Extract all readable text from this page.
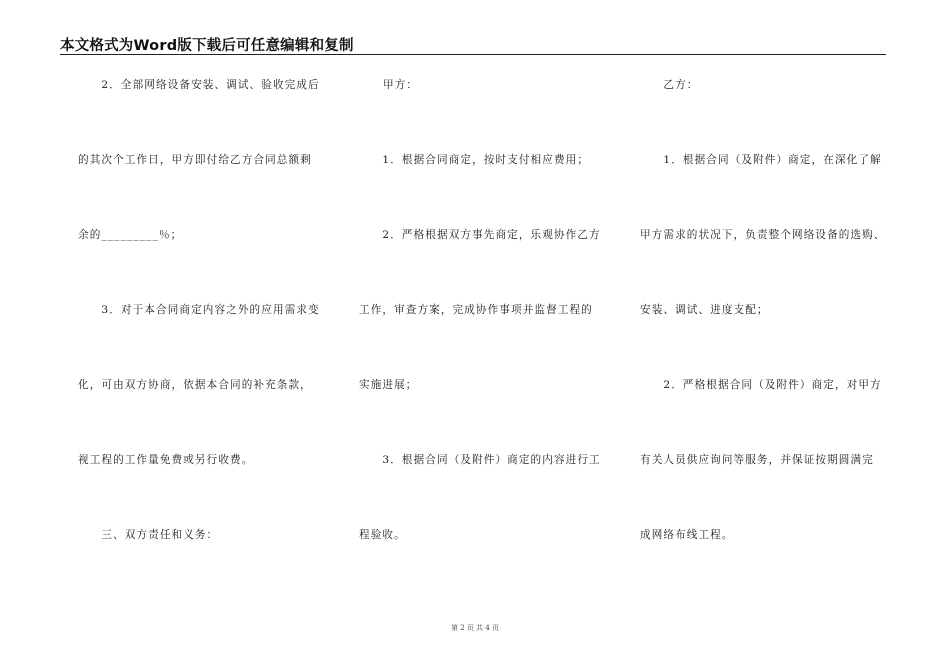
本文格式为Word版下载后可任意编辑和复制
　　2．全部网络设备安装、调试、验收完成后
的其次个工作日，甲方即付给乙方合同总额剩
余的_________％；
　　3．对于本合同商定内容之外的应用需求变
化，可由双方协商，依据本合同的补充条款，
视工程的工作量免费或另行收费。
　　三、双方责任和义务：
甲方：
　　1．根据合同商定，按时支付相应费用；
　　2．严格根据双方事先商定，乐观协作乙方
工作，审查方案，完成协作事项并监督工程的
实施进展；
　　3．根据合同（及附件）商定的内容进行工
程验收。
　　乙方：
　　1．根据合同（及附件）商定，在深化了解
甲方需求的状况下，负责整个网络设备的选购、
安装、调试、进度支配；
　　2．严格根据合同（及附件）商定，对甲方
有关人员供应询问等服务，并保证按期圆满完
成网络布线工程。
第 2 页 共 4 页
